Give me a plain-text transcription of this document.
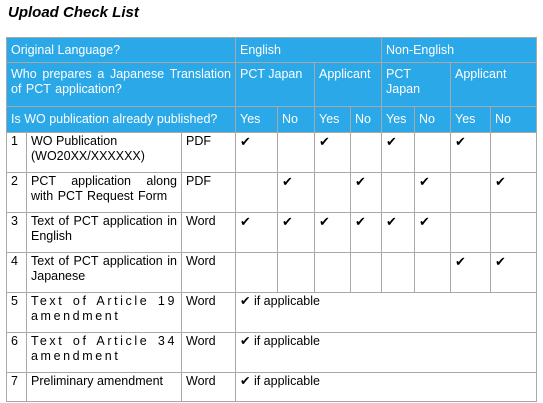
Upload Check List
Original Language?			English				Non-English			
Who prepares a Japanese Translation of PCT application?			PCT Japan		Applicant		PCT Japan		Applicant	
Is WO publication already published?			Yes	No	Yes	No	Yes	No	Yes	No
1	WO Publication (WO20XX/XXXXXX)	PDF	✔		✔		✔		✔	
2	PCT application along with PCT Request Form	PDF		✔		✔		✔		✔
3	Text of PCT application in English	Word	✔	✔	✔	✔	✔	✔		
4	Text of PCT application in Japanese	Word							✔	✔
5	Text of Article 19 amendment	Word	✔ if applicable							
6	Text of Article 34 amendment	Word	✔ if applicable							
7	Preliminary amendment	Word	✔ if applicable							
